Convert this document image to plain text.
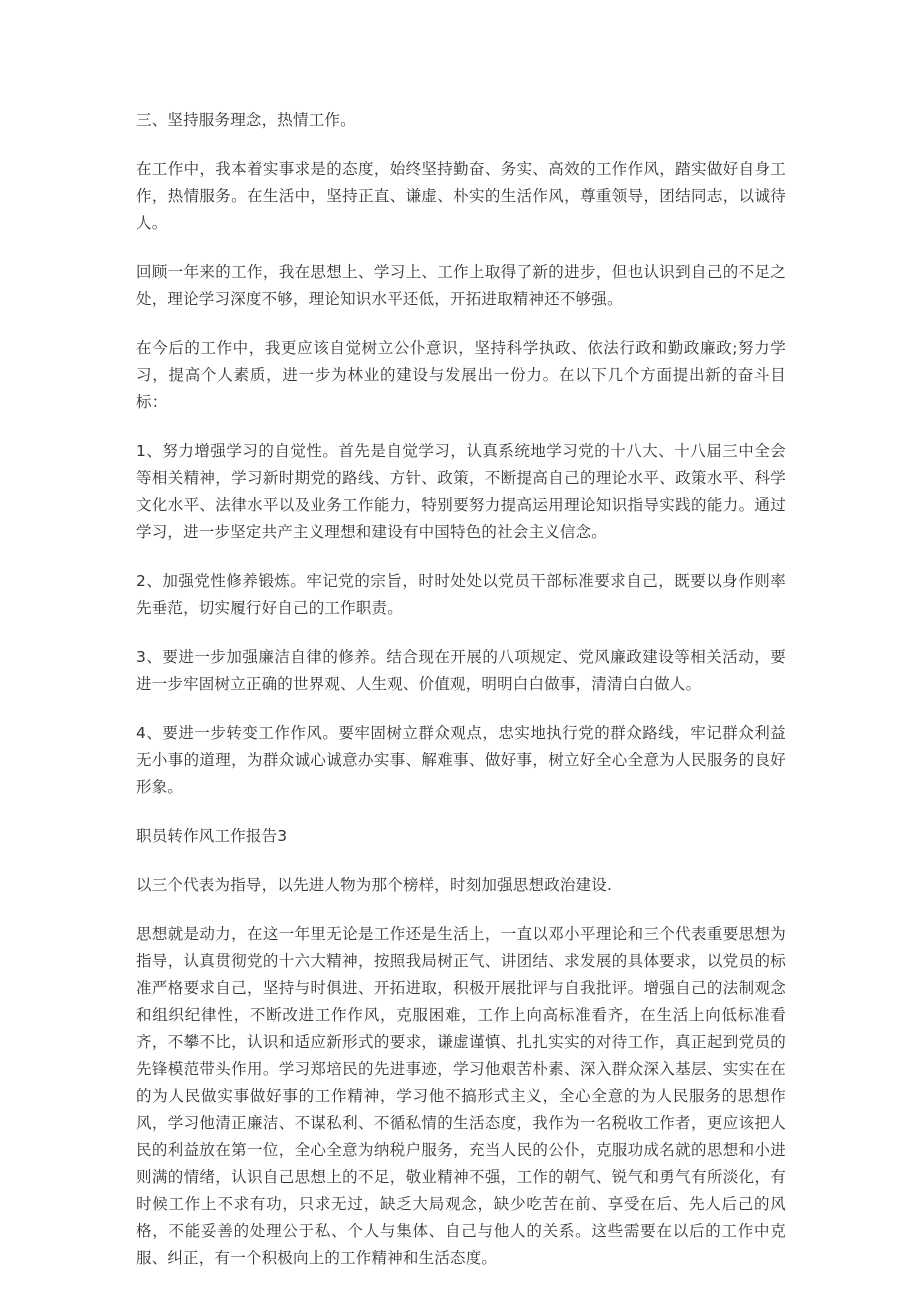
三、坚持服务理念，热情工作。

在工作中，我本着实事求是的态度，始终坚持勤奋、务实、高效的工作作风，踏实做好自身工作，热情服务。在生活中，坚持正直、谦虚、朴实的生活作风，尊重领导，团结同志，以诚待人。

回顾一年来的工作，我在思想上、学习上、工作上取得了新的进步，但也认识到自己的不足之处，理论学习深度不够，理论知识水平还低，开拓进取精神还不够强。

在今后的工作中，我更应该自觉树立公仆意识，坚持科学执政、依法行政和勤政廉政;努力学习，提高个人素质，进一步为林业的建设与发展出一份力。在以下几个方面提出新的奋斗目标：

1、努力增强学习的自觉性。首先是自觉学习，认真系统地学习党的十八大、十八届三中全会等相关精神，学习新时期党的路线、方针、政策，不断提高自己的理论水平、政策水平、科学文化水平、法律水平以及业务工作能力，特别要努力提高运用理论知识指导实践的能力。通过学习，进一步坚定共产主义理想和建设有中国特色的社会主义信念。

2、加强党性修养锻炼。牢记党的宗旨，时时处处以党员干部标准要求自己，既要以身作则率先垂范，切实履行好自己的工作职责。

3、要进一步加强廉洁自律的修养。结合现在开展的八项规定、党风廉政建设等相关活动，要进一步牢固树立正确的世界观、人生观、价值观，明明白白做事，清清白白做人。

4、要进一步转变工作作风。要牢固树立群众观点，忠实地执行党的群众路线，牢记群众利益无小事的道理，为群众诚心诚意办实事、解难事、做好事，树立好全心全意为人民服务的良好形象。

职员转作风工作报告3

以三个代表为指导，以先进人物为那个榜样，时刻加强思想政治建设.

思想就是动力，在这一年里无论是工作还是生活上，一直以邓小平理论和三个代表重要思想为指导，认真贯彻党的十六大精神，按照我局树正气、讲团结、求发展的具体要求，以党员的标准严格要求自己，坚持与时俱进、开拓进取，积极开展批评与自我批评。增强自己的法制观念和组织纪律性，不断改进工作作风，克服困难，工作上向高标准看齐，在生活上向低标准看齐，不攀不比，认识和适应新形式的要求，谦虚谨慎、扎扎实实的对待工作，真正起到党员的先锋模范带头作用。学习郑培民的先进事迹，学习他艰苦朴素、深入群众深入基层、实实在在的为人民做实事做好事的工作精神，学习他不搞形式主义，全心全意的为人民服务的思想作风，学习他清正廉洁、不谋私利、不循私情的生活态度，我作为一名税收工作者，更应该把人民的利益放在第一位，全心全意为纳税户服务，充当人民的公仆，克服功成名就的思想和小进则满的情绪，认识自己思想上的不足，敬业精神不强，工作的朝气、锐气和勇气有所淡化，有时候工作上不求有功，只求无过，缺乏大局观念，缺少吃苦在前、享受在后、先人后己的风格，不能妥善的处理公于私、个人与集体、自己与他人的关系。这些需要在以后的工作中克服、纠正，有一个积极向上的工作精神和生活态度。
